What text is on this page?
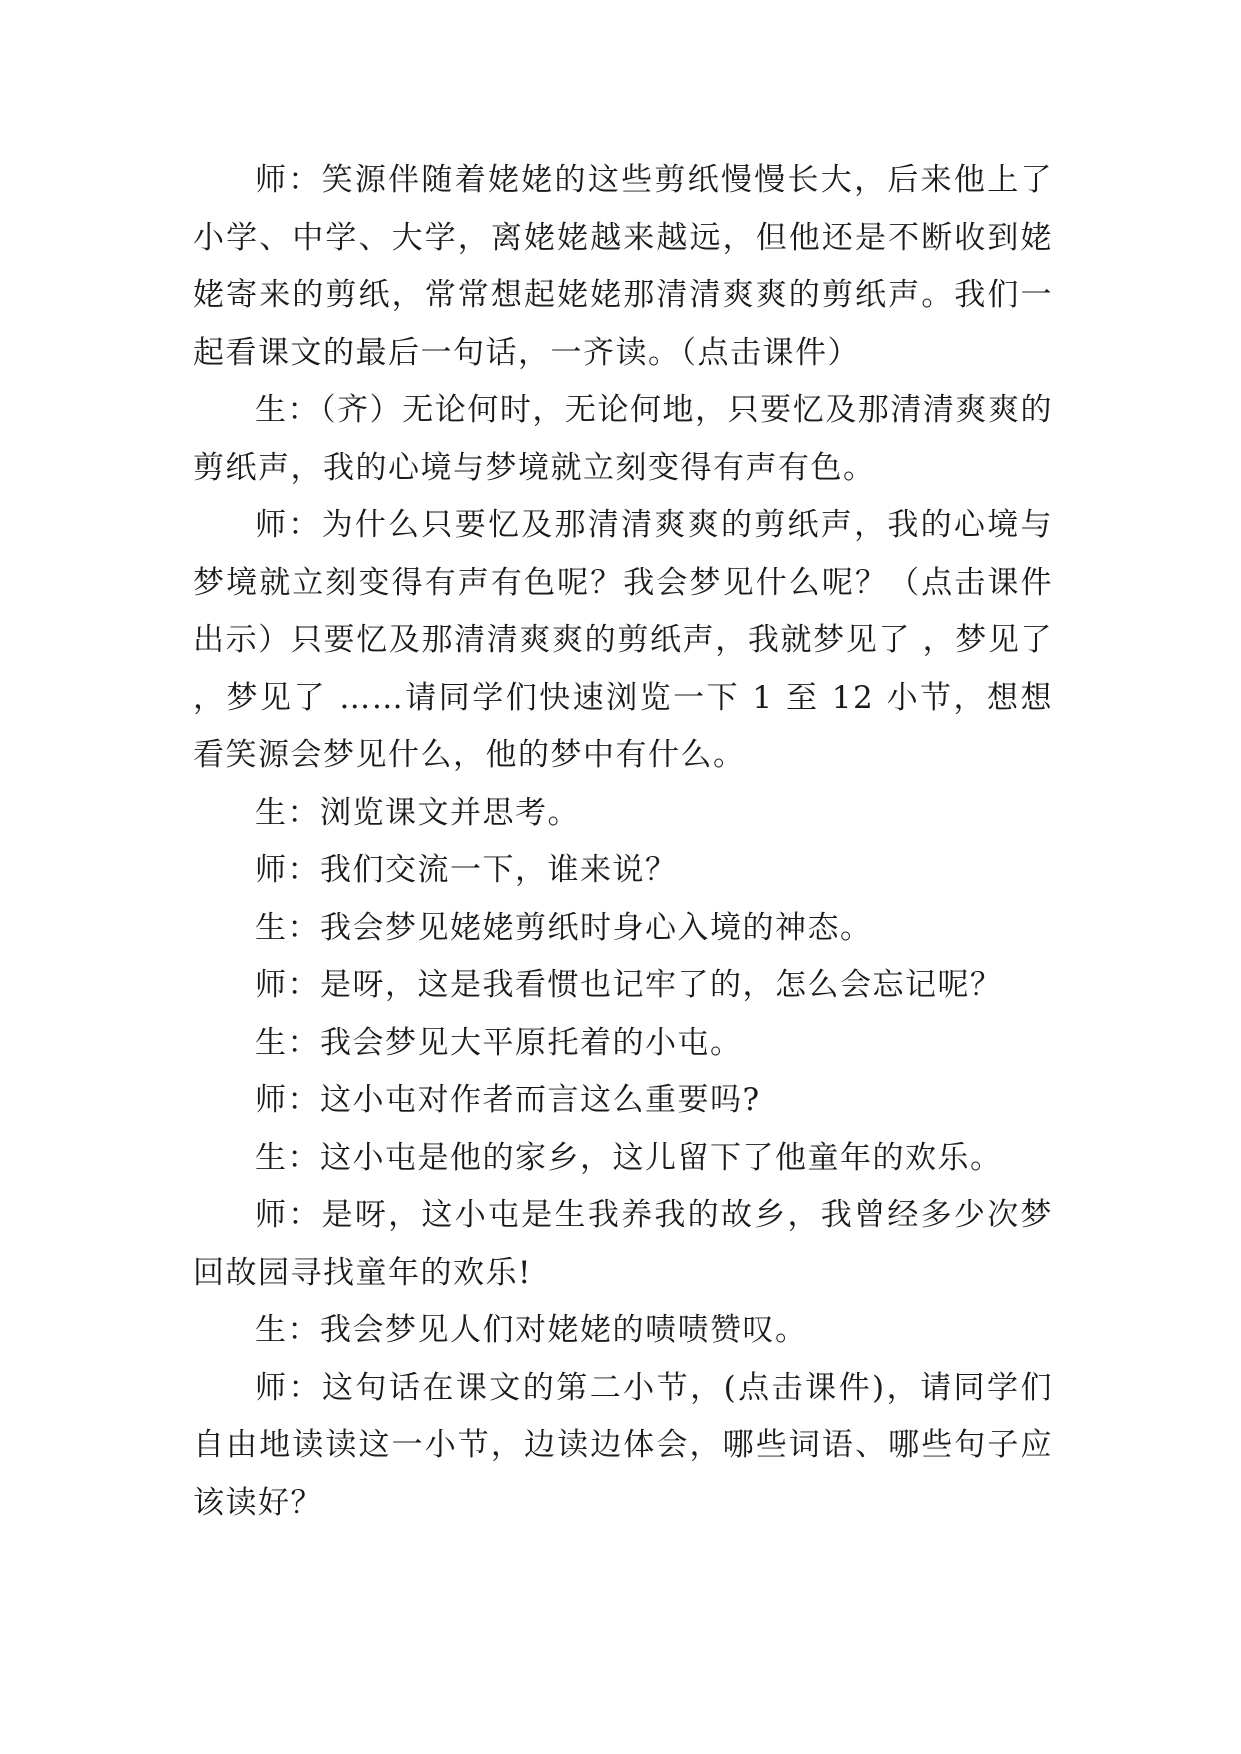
师：笑源伴随着姥姥的这些剪纸慢慢长大，后来他上了小学、中学、大学，离姥姥越来越远，但他还是不断收到姥姥寄来的剪纸，常常想起姥姥那清清爽爽的剪纸声。我们一起看课文的最后一句话，一齐读。（点击课件）

生：（齐）无论何时，无论何地，只要忆及那清清爽爽的剪纸声，我的心境与梦境就立刻变得有声有色。

师：为什么只要忆及那清清爽爽的剪纸声，我的心境与梦境就立刻变得有声有色呢？我会梦见什么呢？（点击课件出示）只要忆及那清清爽爽的剪纸声，我就梦见了 ，梦见了 ，梦见了 ……请同学们快速浏览一下 1 至 12 小节，想想看笑源会梦见什么，他的梦中有什么。

生：浏览课文并思考。

师：我们交流一下，谁来说？

生：我会梦见姥姥剪纸时身心入境的神态。

师：是呀，这是我看惯也记牢了的，怎么会忘记呢？

生：我会梦见大平原托着的小屯。

师：这小屯对作者而言这么重要吗?

生：这小屯是他的家乡，这儿留下了他童年的欢乐。

师：是呀，这小屯是生我养我的故乡，我曾经多少次梦回故园寻找童年的欢乐!

生：我会梦见人们对姥姥的啧啧赞叹。

师：这句话在课文的第二小节，(点击课件)，请同学们自由地读读这一小节，边读边体会，哪些词语、哪些句子应该读好？
